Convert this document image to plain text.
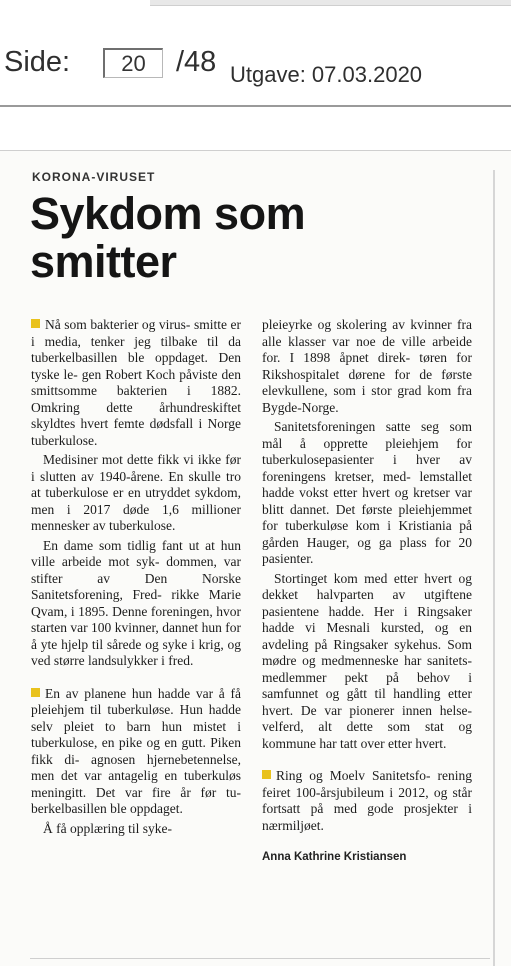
Side:
20	/48 Utgave: 07.03.2020
KORONA-VIRUSET
Sykdom som
smitter

Nå som bakterier og virus- smitte er i media, tenker jeg tilbake til da tuberkelbasillen ble oppdaget. Den tyske le- gen Robert Koch påviste den smittsomme bakterien i 1882. Omkring dette århundreskiftet skyldtes hvert femte dødsfall i Norge tuberkulose.

Medisiner mot dette fikk vi ikke før i slutten av 1940-årene. En skulle tro at tuberkulose er en utryddet sykdom, men i 2017 døde 1,6 millioner mennesker av tuberkulose.

En dame som tidlig fant ut at hun ville arbeide mot syk- dommen, var stifter av Den Norske Sanitetsforening, Fred- rikke Marie Qvam, i 1895. Denne foreningen, hvor starten var 100 kvinner, dannet hun for å yte hjelp til sårede og syke i krig, og ved større landsulykker i fred.

En av planene hun hadde var å få pleiehjem til tuberkuløse. Hun hadde selv pleiet to barn hun mistet i tuberkulose, en pike og en gutt. Piken fikk di- agnosen hjernebetennelse, men det var antagelig en tuberkuløs meningitt. Det var fire år før tu- berkelbasillen ble oppdaget.

Å få opplæring til syke-

pleieyrke og skolering av kvinner fra alle klasser var noe de ville arbeide for. I 1898 åpnet direk- tøren for Rikshospitalet dørene for de første elevkullene, som i stor grad kom fra Bygde-Norge.

Sanitetsforeningen satte seg som mål å opprette pleiehjem for tuberkulosepasienter i hver av foreningens kretser, med- lemstallet hadde vokst etter hvert og kretser var blitt dannet. Det første pleiehjemmet for tuberkuløse kom i Kristiania på gården Hauger, og ga plass for 20 pasienter.

Stortinget kom med etter hvert og dekket halvparten av utgiftene pasientene hadde. Her i Ringsaker hadde vi Mesnali kursted, og en avdeling på Ringsaker sykehus. Som mødre og medmenneske har sanitets- medlemmer pekt på behov i samfunnet og gått til handling etter hvert. De var pionerer innen helse-velferd, alt dette som stat og kommune har tatt over etter hvert.

Ring og Moelv Sanitetsfo- rening feiret 100-årsjubileum i 2012, og står fortsatt på med gode prosjekter i nærmiljøet.

Anna Kathrine Kristiansen
